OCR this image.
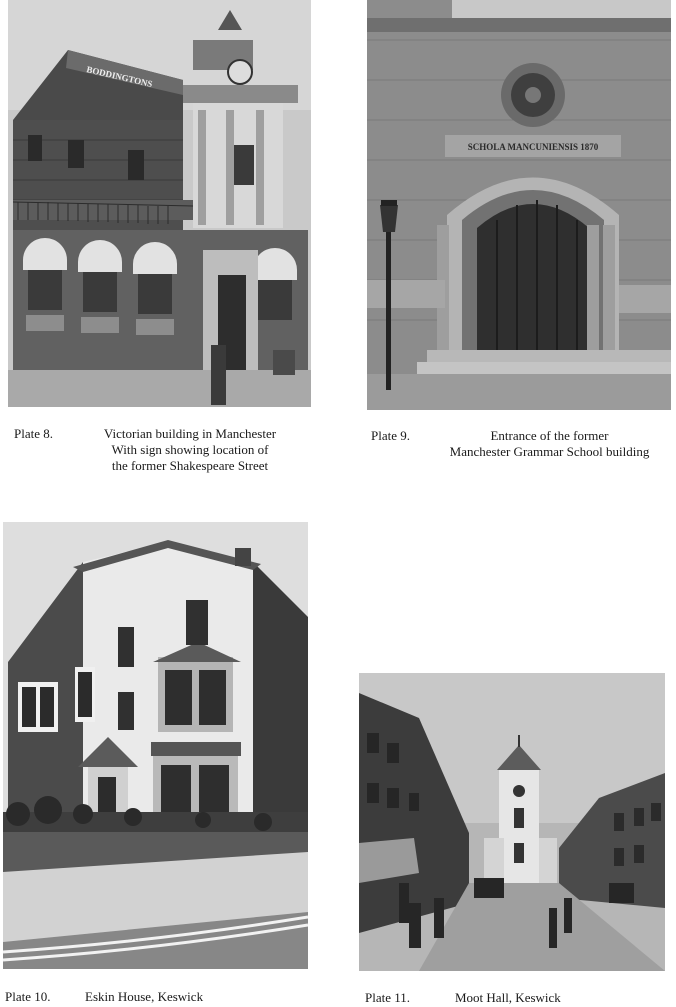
BODDINGTONS
SCHOLA MANCUNIENSIS 1870
Plate 8.	Victorian building in Manchester
With sign showing location of
the former Shakespeare Street
Plate 9.	Entrance of the former
Manchester Grammar School building
Plate 10.	Eskin House, Keswick	Plate 11.	Moot Hall, Keswick
